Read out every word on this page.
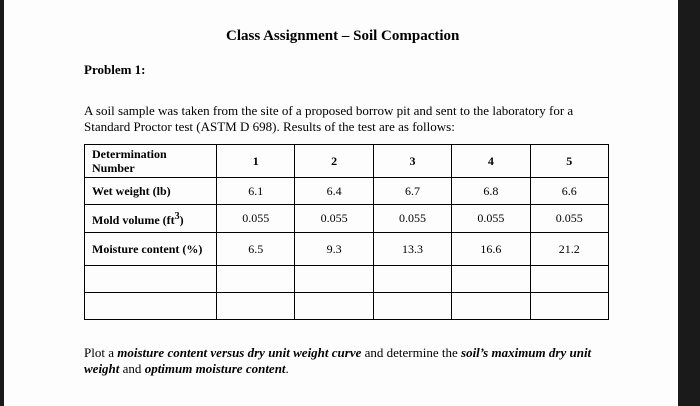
Class Assignment – Soil Compaction
Problem 1:
A soil sample was taken from the site of a proposed borrow pit and sent to the laboratory for a Standard Proctor test (ASTM D 698). Results of the test are as follows:
Determination Number	1	2	3	4	5
Wet weight (lb)	6.1	6.4	6.7	6.8	6.6
Mold volume $(ft^3)$	0.055	0.055	0.055	0.055	0.055
Moisture content (%)	6.5	9.3	13.3	16.6	21.2

Plot a moisture content versus dry unit weight curve and determine the soil’s maximum dry unit weight and optimum moisture content.
